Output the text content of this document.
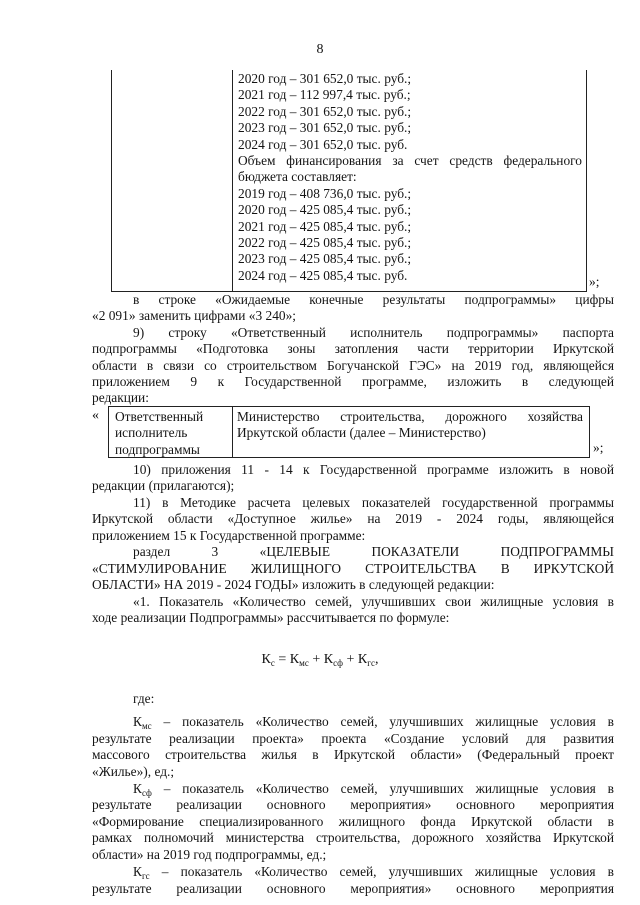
8
2020 год – 301 652,0 тыс. руб.;
2021 год – 112 997,4 тыс. руб.;
2022 год – 301 652,0 тыс. руб.;
2023 год – 301 652,0 тыс. руб.;
2024 год – 301 652,0 тыс. руб.
Объем финансирования за счет средств федерального
бюджета составляет:
2019 год – 408 736,0 тыс. руб.;
2020 год – 425 085,4 тыс. руб.;
2021 год – 425 085,4 тыс. руб.;
2022 год – 425 085,4 тыс. руб.;
2023 год – 425 085,4 тыс. руб.;
2024 год – 425 085,4 тыс. руб.	»;
в строке «Ожидаемые конечные результаты подпрограммы» цифры
«2 091» заменить цифрами «3 240»;
9) строку «Ответственный исполнитель подпрограммы» паспорта
подпрограммы «Подготовка зоны затопления части территории Иркутской
области в связи со строительством Богучанской ГЭС» на 2019 год, являющейся
приложением 9 к Государственной программе, изложить в следующей
редакции:
« Ответственный
исполнитель
подпрограммы
Министерство строительства, дорожного хозяйства Иркутской области (далее – Министерство)
»;
10) приложения 11 - 14 к Государственной программе изложить в новой
редакции (прилагаются);
11) в Методике расчета целевых показателей государственной программы
Иркутской области «Доступное жилье» на 2019 - 2024 годы, являющейся
приложением 15 к Государственной программе:
раздел 3 «ЦЕЛЕВЫЕ ПОКАЗАТЕЛИ ПОДПРОГРАММЫ
«СТИМУЛИРОВАНИЕ ЖИЛИЩНОГО СТРОИТЕЛЬСТВА В ИРКУТСКОЙ
ОБЛАСТИ» НА 2019 - 2024 ГОДЫ» изложить в следующей редакции:
«1. Показатель «Количество семей, улучшивших свои жилищные условия в
ходе реализации Подпрограммы» рассчитывается по формуле:
$К_с = К_{мс} + К_{сф} + К_{гс}$,
где:
$К_{мс}$ – показатель «Количество семей, улучшивших жилищные условия в
результате реализации проекта» проекта «Создание условий для развития
массового строительства жилья в Иркутской области» (Федеральный проект
«Жилье»), ед.;
$К_{сф}$ – показатель «Количество семей, улучшивших жилищные условия в
результате реализации основного мероприятия» основного мероприятия
«Формирование специализированного жилищного фонда Иркутской области в
рамках полномочий министерства строительства, дорожного хозяйства Иркутской
области» на 2019 год подпрограммы, ед.;
$К_{гс}$ – показатель «Количество семей, улучшивших жилищные условия в
результате реализации основного мероприятия» основного мероприятия
